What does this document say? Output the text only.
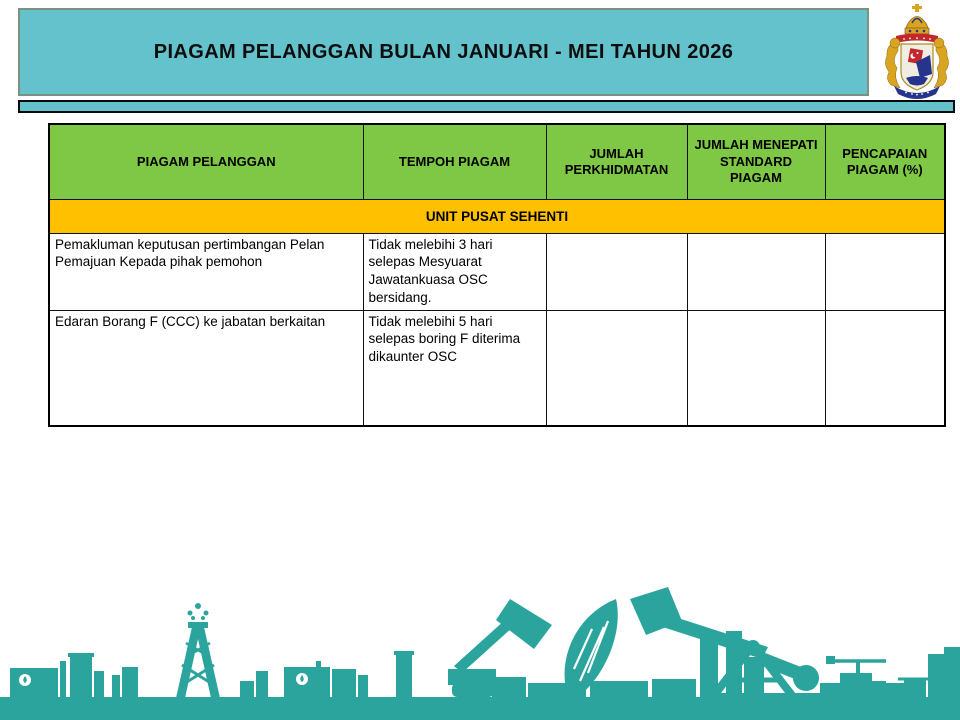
PIAGAM PELANGGAN BULAN JANUARI - MEI TAHUN 2026
PIAGAM PELANGGAN	TEMPOH PIAGAM	JUMLAH PERKHIDMATAN	JUMLAH MENEPATI STANDARD PIAGAM	PENCAPAIAN PIAGAM (%)
UNIT PUSAT SEHENTI				
Pemakluman keputusan pertimbangan Pelan Pemajuan Kepada pihak pemohon	Tidak melebihi 3 hari selepas Mesyuarat Jawatankuasa OSC bersidang.			
Edaran Borang F (CCC) ke jabatan berkaitan	Tidak melebihi 5 hari selepas boring F diterima dikaunter OSC			
